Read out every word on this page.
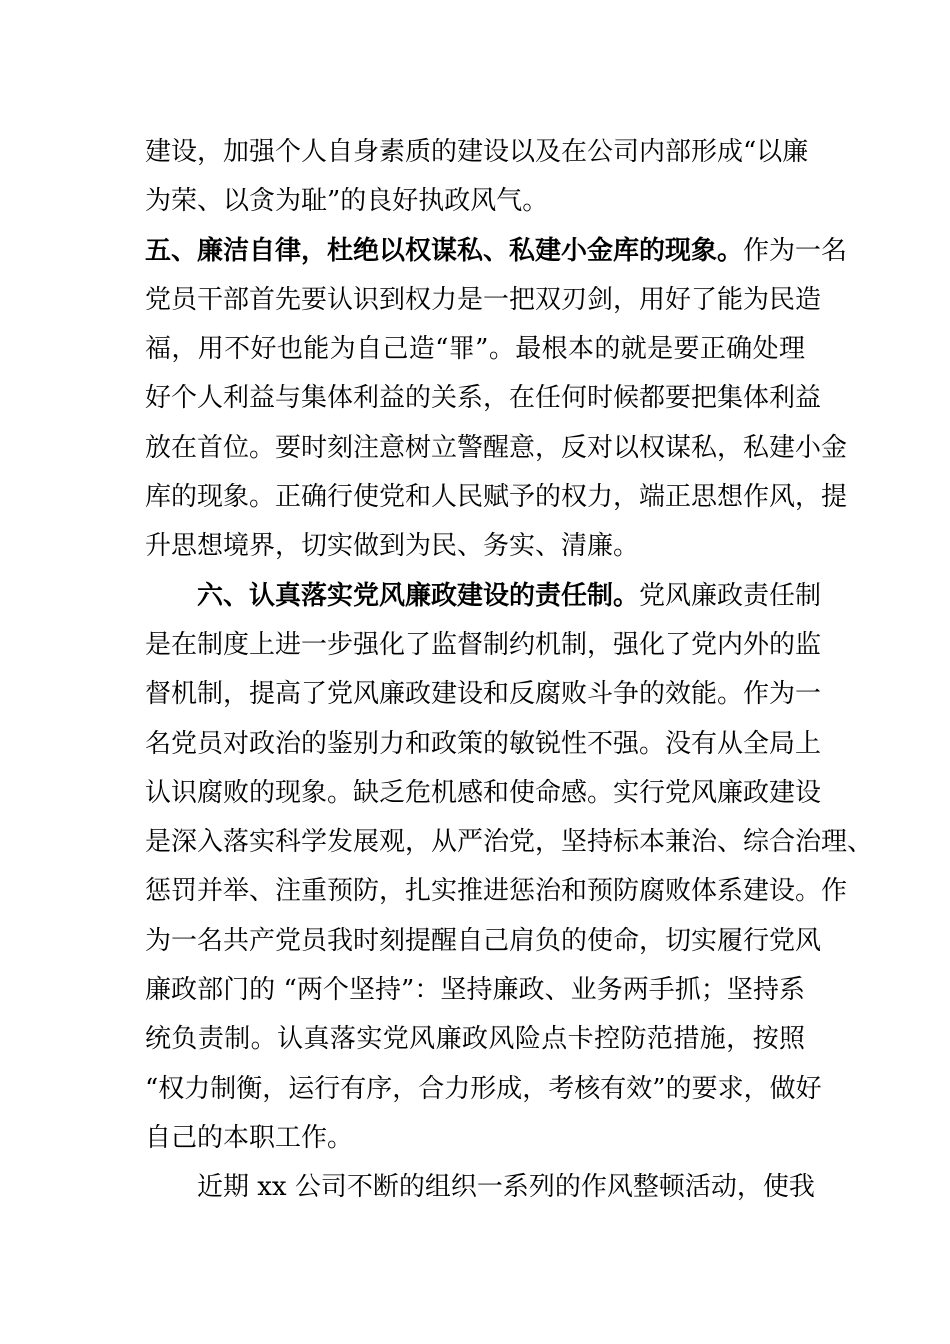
建设，加强个人自身素质的建设以及在公司内部形成“以廉
为荣、以贪为耻”的良好执政风气。
五、廉洁自律，杜绝以权谋私、私建小金库的现象。作为一名
党员干部首先要认识到权力是一把双刃剑，用好了能为民造
福，用不好也能为自己造“罪”。最根本的就是要正确处理
好个人利益与集体利益的关系，在任何时候都要把集体利益
放在首位。要时刻注意树立警醒意，反对以权谋私，私建小金
库的现象。正确行使党和人民赋予的权力，端正思想作风，提
升思想境界，切实做到为民、务实、清廉。
六、认真落实党风廉政建设的责任制。党风廉政责任制
是在制度上进一步强化了监督制约机制，强化了党内外的监
督机制，提高了党风廉政建设和反腐败斗争的效能。作为一
名党员对政治的鉴别力和政策的敏锐性不强。没有从全局上
认识腐败的现象。缺乏危机感和使命感。实行党风廉政建设
是深入落实科学发展观，从严治党，坚持标本兼治、综合治理、
惩罚并举、注重预防，扎实推进惩治和预防腐败体系建设。作
为一名共产党员我时刻提醒自己肩负的使命，切实履行党风
廉政部门的 “两个坚持”：坚持廉政、业务两手抓；坚持系
统负责制。认真落实党风廉政风险点卡控防范措施，按照
“权力制衡，运行有序，合力形成，考核有效”的要求，做好
自己的本职工作。
近期 xx 公司不断的组织一系列的作风整顿活动，使我
